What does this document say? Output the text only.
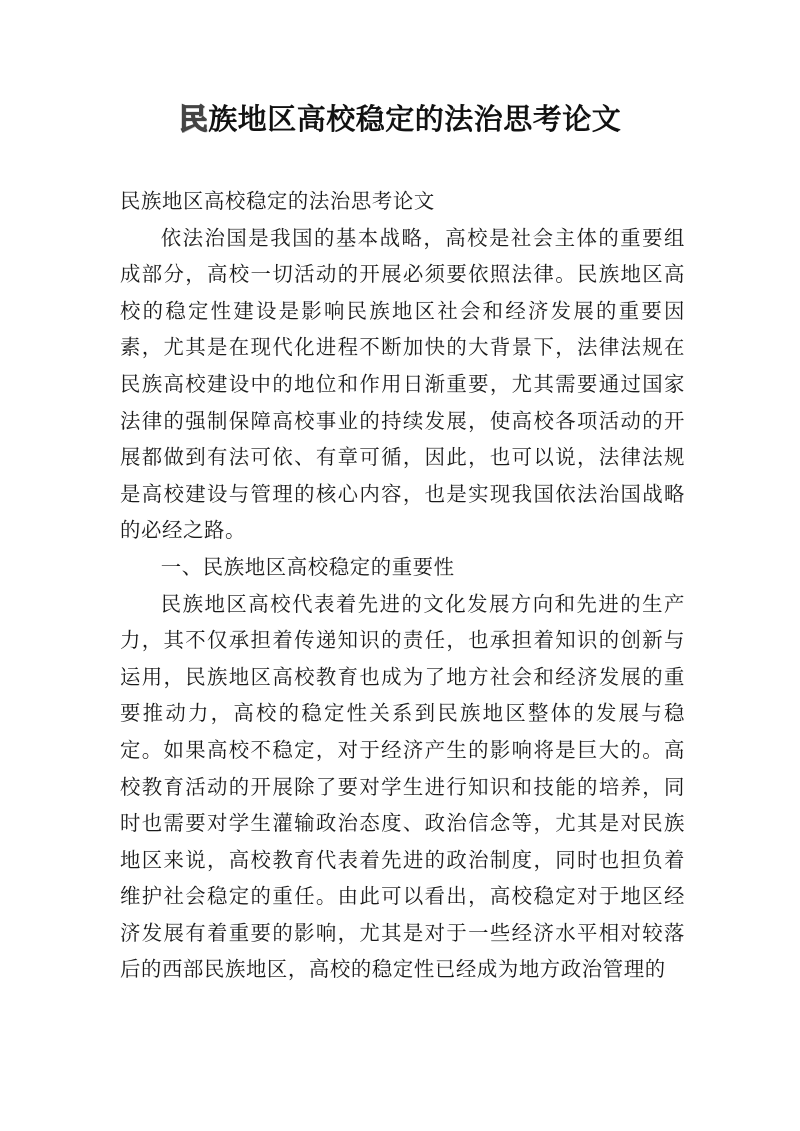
民族地区高校稳定的法治思考论文

民族地区高校稳定的法治思考论文

依法治国是我国的基本战略，高校是社会主体的重要组成部分，高校一切活动的开展必须要依照法律。民族地区高校的稳定性建设是影响民族地区社会和经济发展的重要因素，尤其是在现代化进程不断加快的大背景下，法律法规在民族高校建设中的地位和作用日渐重要，尤其需要通过国家法律的强制保障高校事业的持续发展，使高校各项活动的开展都做到有法可依、有章可循，因此，也可以说，法律法规是高校建设与管理的核心内容，也是实现我国依法治国战略的必经之路。

一、民族地区高校稳定的重要性

民族地区高校代表着先进的文化发展方向和先进的生产力，其不仅承担着传递知识的责任，也承担着知识的创新与运用，民族地区高校教育也成为了地方社会和经济发展的重要推动力，高校的稳定性关系到民族地区整体的发展与稳定。如果高校不稳定，对于经济产生的影响将是巨大的。高校教育活动的开展除了要对学生进行知识和技能的培养，同时也需要对学生灌输政治态度、政治信念等，尤其是对民族地区来说，高校教育代表着先进的政治制度，同时也担负着维护社会稳定的重任。由此可以看出，高校稳定对于地区经济发展有着重要的影响，尤其是对于一些经济水平相对较落后的西部民族地区，高校的稳定性已经成为地方政治管理的
